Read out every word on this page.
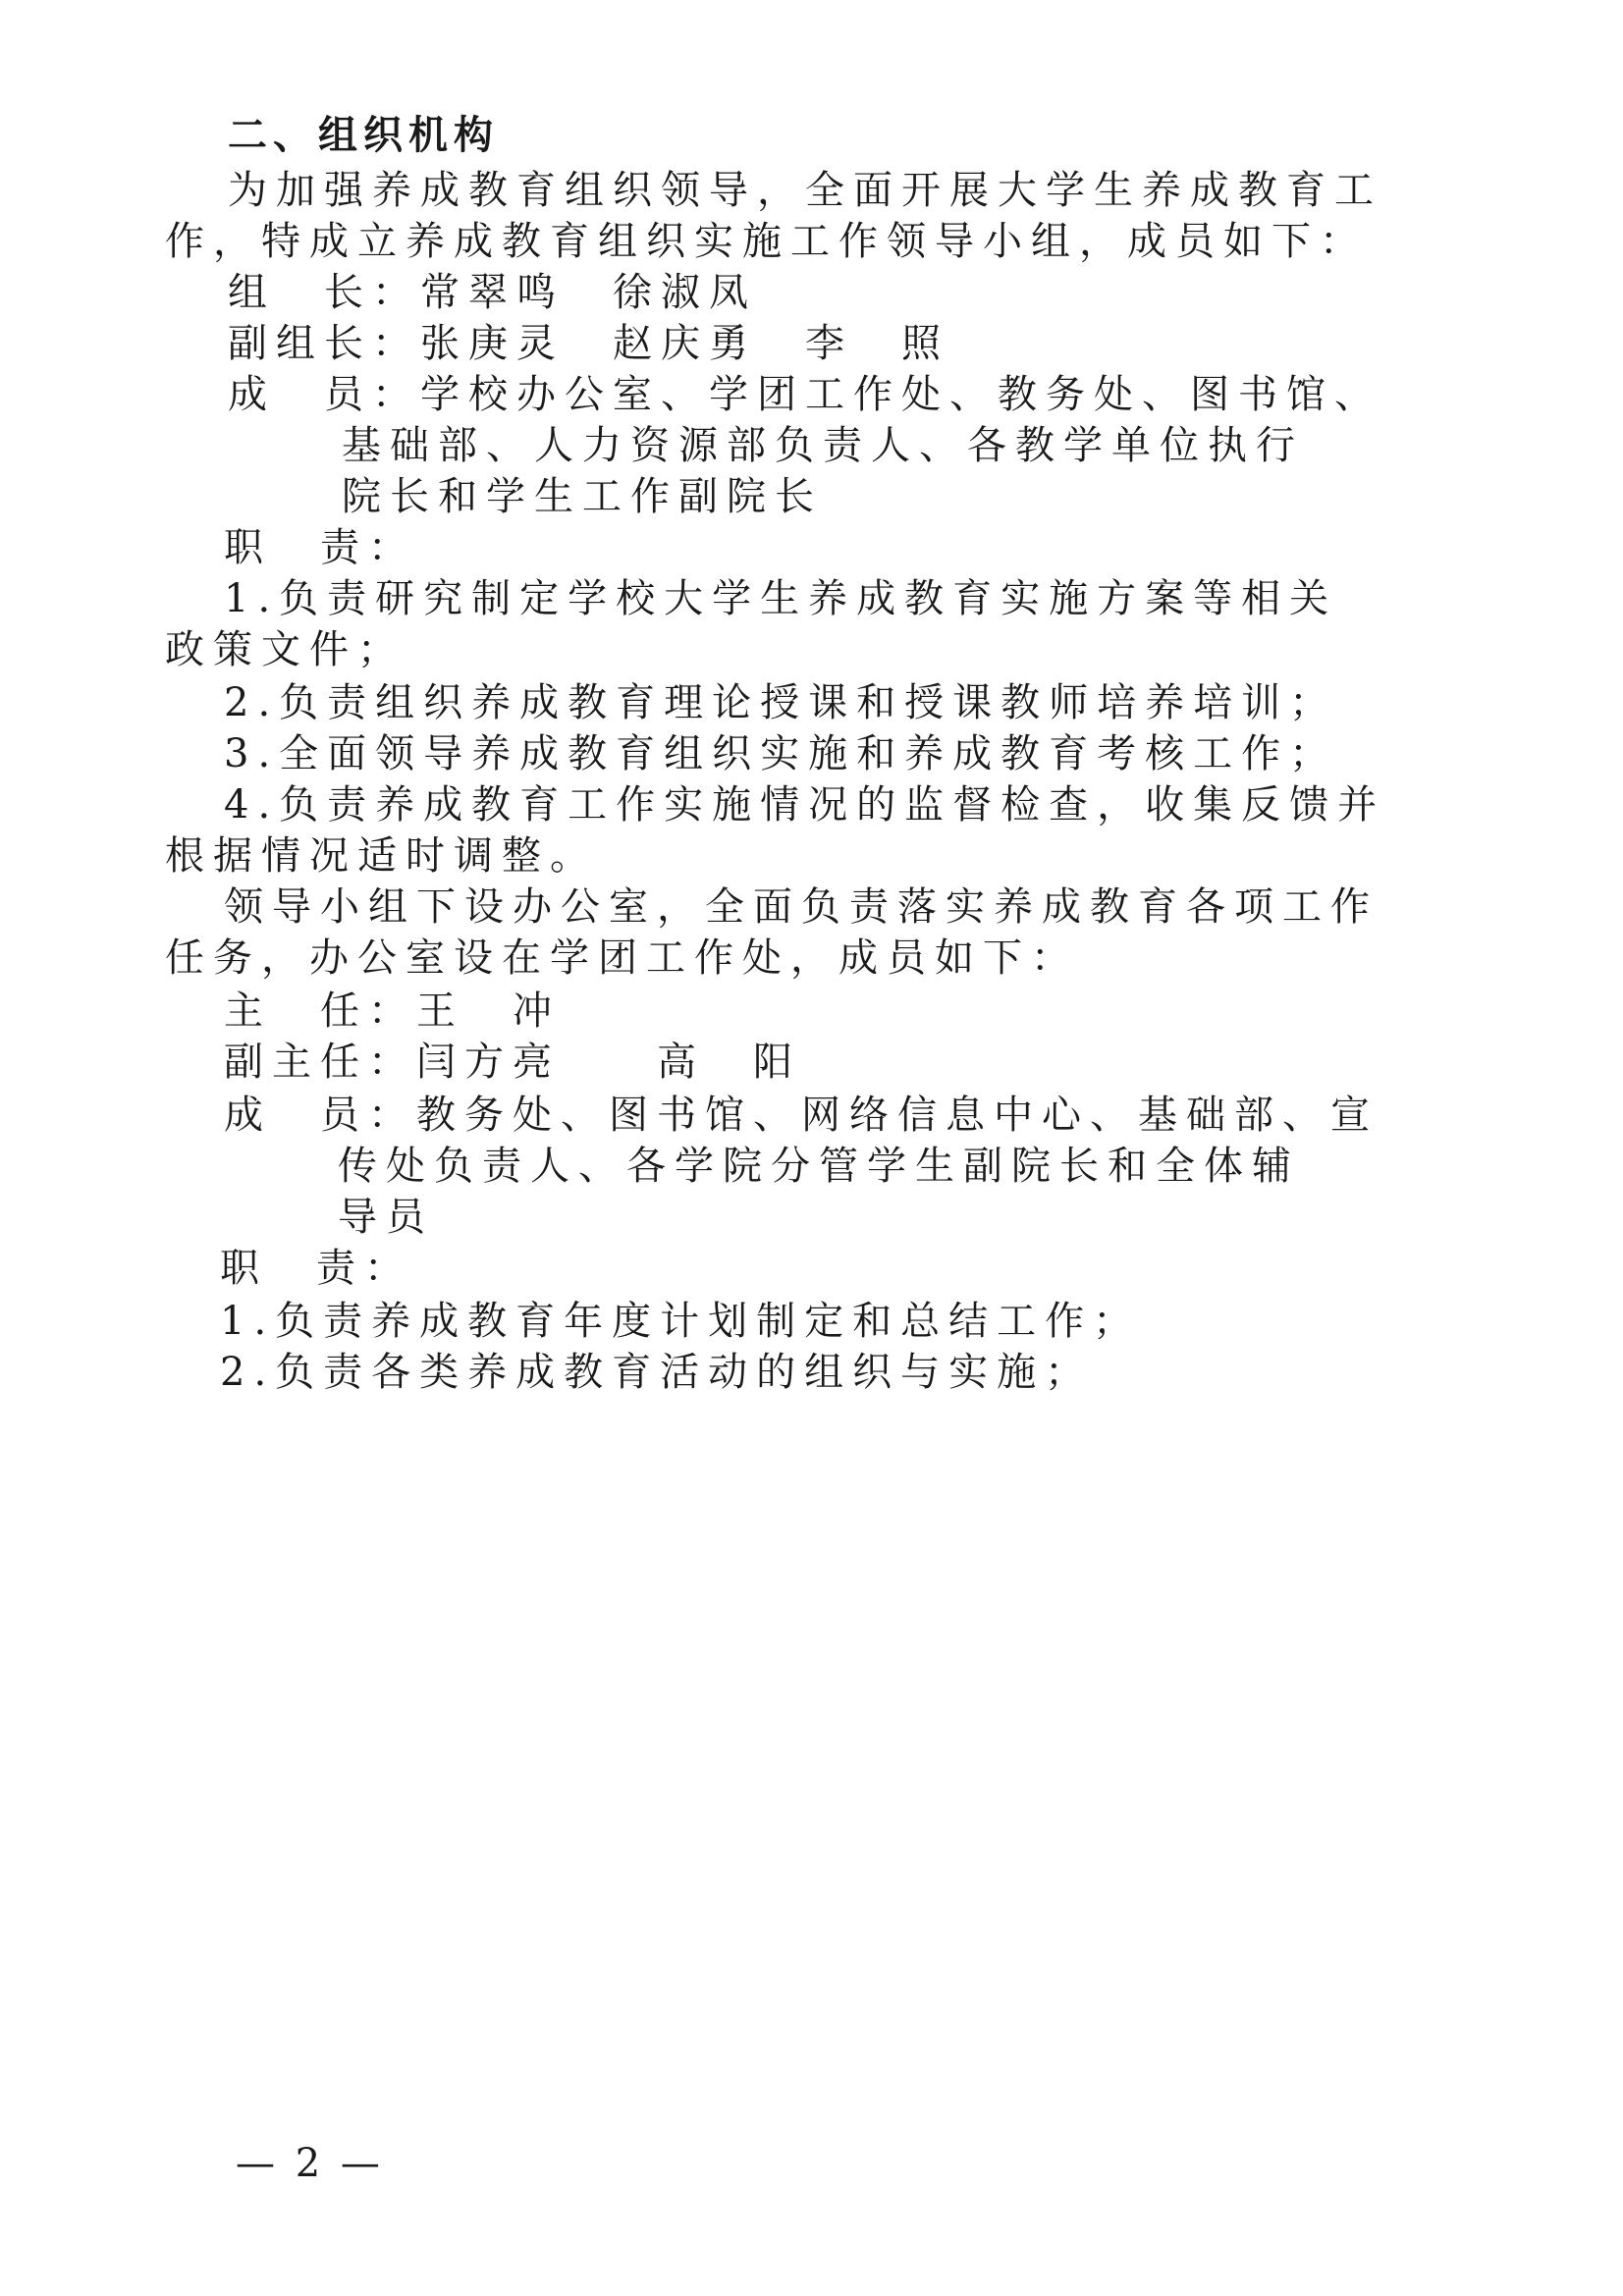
二、组织机构
为加强养成教育组织领导，全面开展大学生养成教育工
作，特成立养成教育组织实施工作领导小组，成员如下：
组　长：常翠鸣　徐淑凤
副组长：张庚灵　赵庆勇　李　照
成　员：学校办公室、学团工作处、教务处、图书馆、
基础部、人力资源部负责人、各教学单位执行
院长和学生工作副院长
职　责：
1.负责研究制定学校大学生养成教育实施方案等相关
政策文件；
2.负责组织养成教育理论授课和授课教师培养培训；
3.全面领导养成教育组织实施和养成教育考核工作；
4.负责养成教育工作实施情况的监督检查，收集反馈并
根据情况适时调整。
领导小组下设办公室，全面负责落实养成教育各项工作
任务，办公室设在学团工作处，成员如下：
主　任：王　冲
副主任：闫方亮　　高　阳
成　员：教务处、图书馆、网络信息中心、基础部、宣
传处负责人、各学院分管学生副院长和全体辅
导员
职　责：
1.负责养成教育年度计划制定和总结工作；
2.负责各类养成教育活动的组织与实施；
— 2 —
